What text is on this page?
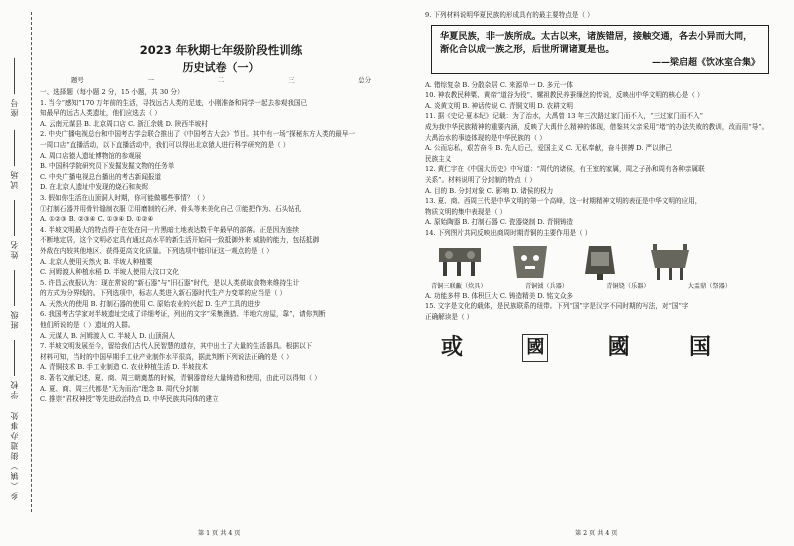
座号
试场
姓名
班级
学校
乡（镇）街道办事处
2023 年秋期七年级阶段性训练
历史试卷（一）
题号	一	二	三	总分
一、选择题（每小题 2 分，15 小题，共 30 分）
1. 当今“感知”170 万年前的生活，寻找远古人类的足迹，小刚准备和同学一起去参观我国已
知最早的远古人类遗址，他们应选去（ ）
A. 云南元谋县 B. 北京周口店 C. 浙江余姚 D. 陕西半坡村
2. 中央广播电视总台和中国考古学会联合推出了《中国考古大会》节目。其中有一场“探秘东方人类的最早一
一周口店”直播活动，以下直播活动中，我们可以得出北京猿人进行科学研究的是（ ）
A. 周口店猿人遗址博物馆的参观展
B. 中国科学院研究员下发掘发掘文物的任务单
C. 中央广播电视总台播出的考古新闻报道
D. 在北京人遗址中发现的烧石和灰烬
3. 假如你生活在山顶洞人时期，你可能做哪些事情？（ ）
①打制石器并用骨针缝制衣服 ②用磨制的石斧、骨头等来美化自己 ③能把作为、石头钻孔
A. ①②③ B. ②③④ C. ①③④ D. ①②④
4. 半坡文明最大的特点得于在处在同一片黑暗土地表达数千年最早的部落。正是因为连续
不断地定居，这个文明必定具有通过高水平的新生活开始同一致抵御外来 威胁的能力，包括抵御
外敌在内较其他地区、获得更高文化质量。下列选项中能印证这一观点的是（ ）
A. 北京人使用天然火 B. 半坡人种植粟
C. 河姆渡人种植水稻 D. 半坡人使用大汶口文化
5. 许昌云夜报认为：现在常说的“新石器”与“旧石器”时代，是以人类获取食物来维持生计
的方式为分界线的。下列选项中，标志人类进入新石器时代生产力变革的应当是（ ）
A. 天然火的使用 B. 打制石器的使用 C. 原始农业的兴起 D. 生产工具的进步
6. 我国考古学家对半坡遗址完成了详细考证，列出的文字“采集渔猎、半地穴房屋，靠”，请你判断
他们所说的是（ ）遗址的人群。
A. 元谋人 B. 河姆渡人 C. 半坡人 D. 山顶洞人
7. 半坡文明发展至今，留给我们古代人民智慧的遗存，其中出土了大量的生活器具。根据以下
材料可知，当时的中国早期手工业产业制作水平很高，据此判断下列说法正确的是（ ）
A. 青铜技术 B. 手工业制造 C. 农业种植生活 D. 半坡技术
8. 著名文献记述，夏、商、周三朝奠基的时候，青铜器曾经大量铸造和使用，由此可以得知（ ）
A. 夏、商、周三代都是“无为而治”理念 B. 周代分封制
C. 推崇“君权神授”等先进政治特点 D. 中华民族共同体的建立
9. 下列材料说明华夏民族的形成具有的最主要特点是（ ）
华夏民族，非一族所成。太古以来，诸族错居，接触交通，各去小异而大同，渐化合以成一族之形，后世所谓诸夏是也。
——梁启超《饮冰室合集》
A. 错综复杂 B. 分散杂居 C. 来源单一 D. 多元一体
10. 神农教民种粟、黄帝“道谷为役”、嫘祖教民养蚕缫丝的传说，反映出中华文明的核心是（ ）
A. 炎黄文明 B. 神话传说 C. 青铜文明 D. 农耕文明
11. 据《史记·夏本纪》记载：为了治水，大禹曾 13 年三次路过家门而不入，“三过家门而不入”
成为我中华民族精神的重要内涵，反映了大禹什么精神的体现，借鉴其父亲采用“堵”的办法失败的教训，改而用“导”。
大禹治水的事迹体现的是中华民族的（ ）
A. 公而忘私，艰苦奋斗 B. 先人后己，爱国主义 C. 无私奉献，奋斗拼搏 D. 严以律己
民族主义
12. 黄仁宇在《中国大历史》中写道：“周代的诸侯，有王室的家属，周之子孙和周有各种亲属联
关系”。材料说明了分封制的特点（ ）
A. 目的 B. 分封对象 C. 影响 D. 诸侯的权力
13. 夏、商、西周三代是中华文明的第一个高峰，这一时期精神文明的表征是中华文明的应用，
物质文明的集中表现是（ ）
A. 原始陶器 B. 打制石器 C. 瓷器烧制 D. 青铜铸造
14. 下列图片共同反映出商周时期青铜的主要作用是（ ）
青铜三联甗（炊具）	青铜钺（兵器）	青铜铙（乐器）	大盂鼎（祭器）
A. 功能多样 B. 体积巨大 C. 铸造精美 D. 铭文众多
15. 文字是文化的载体，是民族联系的纽带。下列“国”字是汉字不同时期的写法，对“国”字
正确解读是（ ）
或	國	國	国
第 1 页 共 4 页	第 2 页 共 4 页
